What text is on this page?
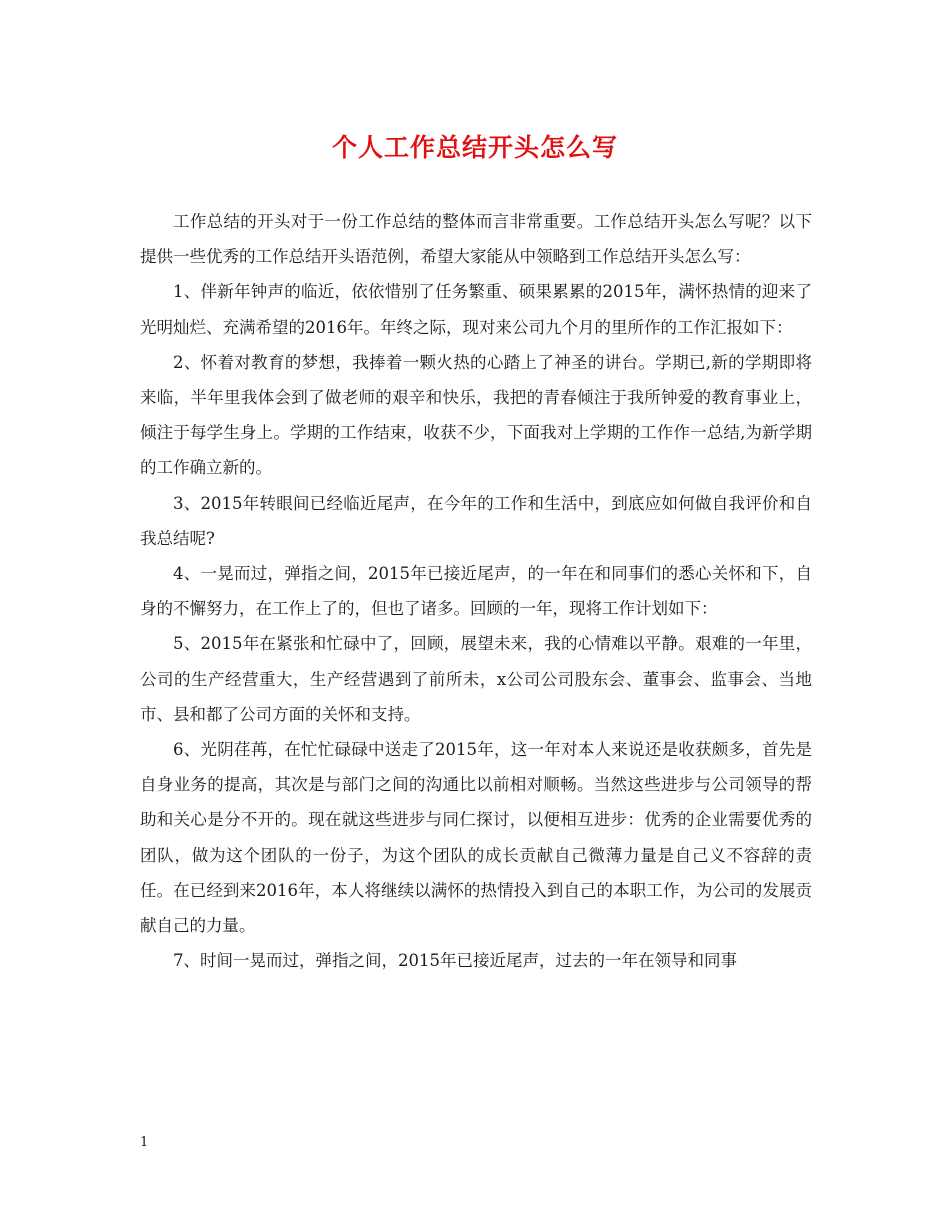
个人工作总结开头怎么写

工作总结的开头对于一份工作总结的整体而言非常重要。工作总结开头怎么写呢？以下提供一些优秀的工作总结开头语范例，希望大家能从中领略到工作总结开头怎么写：

1、伴新年钟声的临近，依依惜别了任务繁重、硕果累累的2015年，满怀热情的迎来了光明灿烂、充满希望的2016年。年终之际，现对来公司九个月的里所作的工作汇报如下：

2、怀着对教育的梦想，我捧着一颗火热的心踏上了神圣的讲台。学期已,新的学期即将来临，半年里我体会到了做老师的艰辛和快乐，我把的青春倾注于我所钟爱的教育事业上，倾注于每学生身上。学期的工作结束，收获不少，下面我对上学期的工作作一总结,为新学期的工作确立新的。

3、2015年转眼间已经临近尾声，在今年的工作和生活中，到底应如何做自我评价和自我总结呢?

4、一晃而过，弹指之间，2015年已接近尾声，的一年在和同事们的悉心关怀和下，自身的不懈努力，在工作上了的，但也了诸多。回顾的一年，现将工作计划如下：

5、2015年在紧张和忙碌中了，回顾，展望未来，我的心情难以平静。艰难的一年里，公司的生产经营重大，生产经营遇到了前所未，x公司公司股东会、董事会、监事会、当地市、县和都了公司方面的关怀和支持。

6、光阴荏苒，在忙忙碌碌中送走了2015年，这一年对本人来说还是收获颇多，首先是自身业务的提高，其次是与部门之间的沟通比以前相对顺畅。当然这些进步与公司领导的帮助和关心是分不开的。现在就这些进步与同仁探讨，以便相互进步：优秀的企业需要优秀的团队，做为这个团队的一份子，为这个团队的成长贡献自己微薄力量是自己义不容辞的责任。在已经到来2016年，本人将继续以满怀的热情投入到自己的本职工作，为公司的发展贡献自己的力量。

7、时间一晃而过，弹指之间，2015年已接近尾声，过去的一年在领导和同事

1
